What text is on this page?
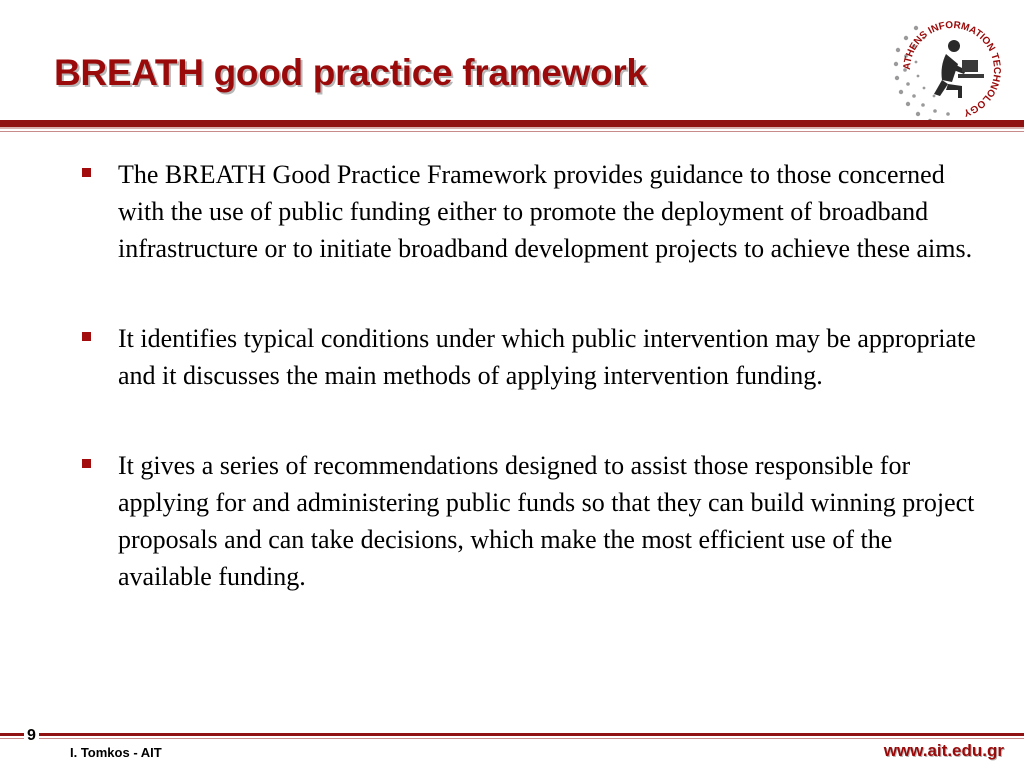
BREATH good practice framework	ATHENS INFORMATION TECHNOLOGY
The BREATH Good Practice Framework provides guidance to those concerned with the use of public funding either to promote the deployment of broadband infrastructure or to initiate broadband development projects to achieve these aims.
It identifies typical conditions under which public intervention may be appropriate and it discusses the main methods of applying intervention funding.
It gives a series of recommendations designed to assist those responsible for applying for and administering public funds so that they can build winning project proposals and can take decisions, which make the most efficient use of the available funding.
9
I. Tomkos - AIT	www.ait.edu.gr
